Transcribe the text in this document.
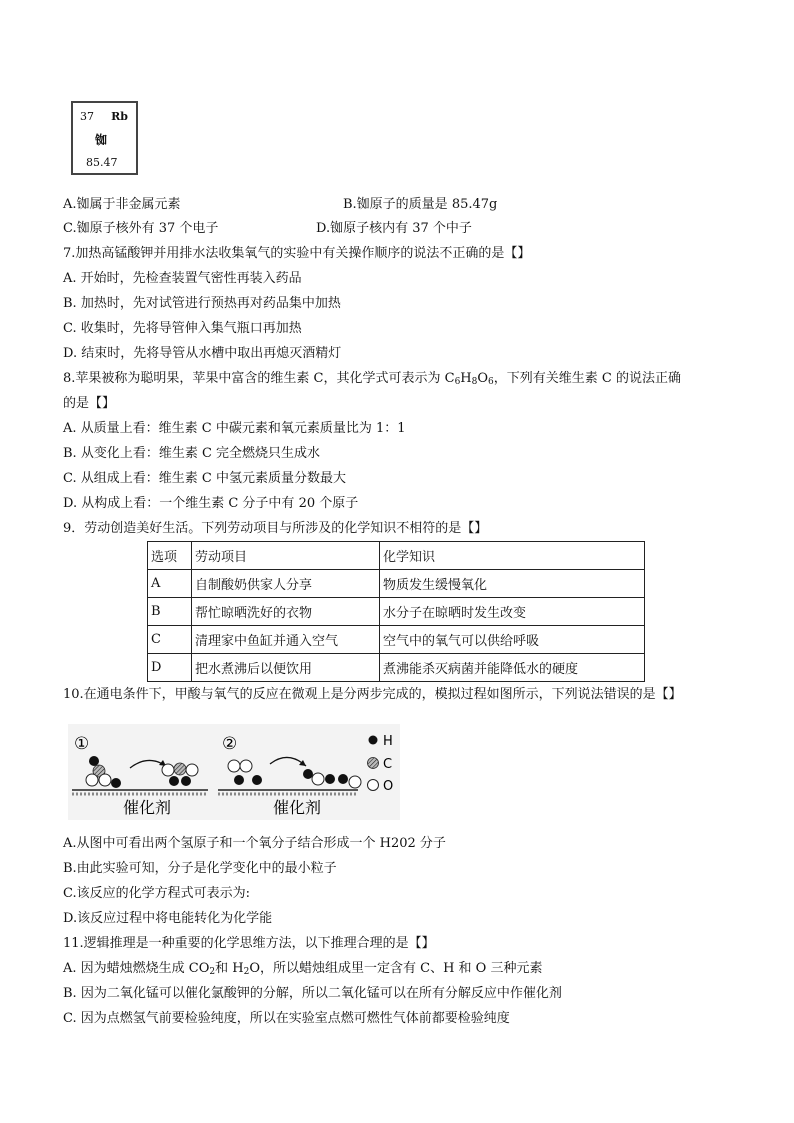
37 Rb
铷
85.47
A.铷属于非金属元素	B.铷原子的质量是 85.47g
C.铷原子核外有 37 个电子	D.铷原子核内有 37 个中子
7.加热高锰酸钾并用排水法收集氧气的实验中有关操作顺序的说法不正确的是【】
A. 开始时，先检查装置气密性再装入药品
B. 加热时，先对试管进行预热再对药品集中加热
C. 收集时，先将导管伸入集气瓶口再加热
D. 结束时，先将导管从水槽中取出再熄灭酒精灯
8.苹果被称为聪明果，苹果中富含的维生素 C，其化学式可表示为 $C_6H_8O_6$，下列有关维生素 C 的说法正确
的是【】
A. 从质量上看：维生素 C 中碳元素和氧元素质量比为 1：1
B. 从变化上看：维生素 C 完全燃烧只生成水
C. 从组成上看：维生素 C 中氢元素质量分数最大
D. 从构成上看：一个维生素 C 分子中有 20 个原子
9．劳动创造美好生活。下列劳动项目与所涉及的化学知识不相符的是【】
选项	劳动项目	化学知识
A	自制酸奶供家人分享	物质发生缓慢氧化
B	帮忙晾晒洗好的衣物	水分子在晾晒时发生改变
C	清理家中鱼缸并通入空气	空气中的氧气可以供给呼吸
D	把水煮沸后以便饮用	煮沸能杀灭病菌并能降低水的硬度
10.在通电条件下，甲酸与氧气的反应在微观上是分两步完成的，模拟过程如图所示，下列说法错误的是【】
①
催化剂
②
催化剂
H
C
O
A.从图中可看出两个氢原子和一个氧分子结合形成一个 H202 分子
B.由此实验可知，分子是化学变化中的最小粒子
C.该反应的化学方程式可表示为:
D.该反应过程中将电能转化为化学能
11.逻辑推理是一种重要的化学思维方法，以下推理合理的是【】
A. 因为蜡烛燃烧生成 $CO_2$和 $H_2O$，所以蜡烛组成里一定含有 C、H 和 O 三种元素
B. 因为二氧化锰可以催化氯酸钾的分解，所以二氧化锰可以在所有分解反应中作催化剂
C. 因为点燃氢气前要检验纯度，所以在实验室点燃可燃性气体前都要检验纯度
